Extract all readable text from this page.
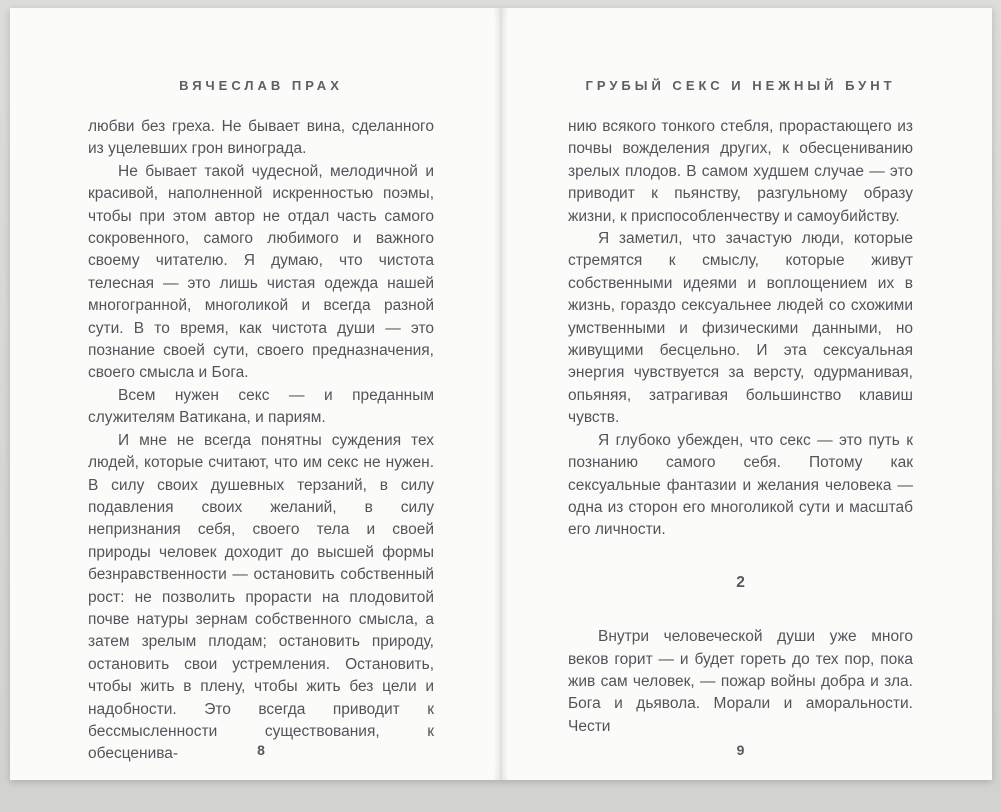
ВЯЧЕСЛАВ ПРАХ

любви без греха. Не бывает вина, сделанного из уцелевших грон винограда.

Не бывает такой чудесной, мелодичной и красивой, наполненной искренностью поэмы, чтобы при этом автор не отдал часть самого сокровенного, самого любимого и важного своему читателю. Я думаю, что чистота телесная — это лишь чистая одежда нашей многогранной, многоликой и всегда разной сути. В то время, как чистота души — это познание своей сути, своего предназначения, своего смысла и Бога.

Всем нужен секс — и преданным служителям Ватикана, и париям.

И мне не всегда понятны суждения тех людей, которые считают, что им секс не нужен. В силу своих душевных терзаний, в силу подавления своих желаний, в силу непризнания себя, своего тела и своей природы человек доходит до высшей формы безнравственности — остановить собственный рост: не позволить прорасти на плодовитой почве натуры зернам собственного смысла, а затем зрелым плодам; остановить природу, остановить свои устремления. Остановить, чтобы жить в плену, чтобы жить без цели и надобности. Это всегда приводит к бессмысленности существования, к обесценива-	8
ГРУБЫЙ СЕКС И НЕЖНЫЙ БУНТ

нию всякого тонкого стебля, прорастающего из почвы вожделения других, к обесцениванию зрелых плодов. В самом худшем случае — это приводит к пьянству, разгульному образу жизни, к приспособленчеству и самоубийству.

Я заметил, что зачастую люди, которые стремятся к смыслу, которые живут собственными идеями и воплощением их в жизнь, гораздо сексуальнее людей со схожими умственными и физическими данными, но живущими бесцельно. И эта сексуальная энергия чувствуется за версту, одурманивая, опьяняя, затрагивая большинство клавиш чувств.

Я глубоко убежден, что секс — это путь к познанию самого себя. Потому как сексуальные фантазии и желания человека — одна из сторон его многоликой сути и масштаб его личности.

2

Внутри человеческой души уже много веков горит — и будет гореть до тех пор, пока жив сам человек, — пожар войны добра и зла. Бога и дьявола. Морали и аморальности. Чести

9
